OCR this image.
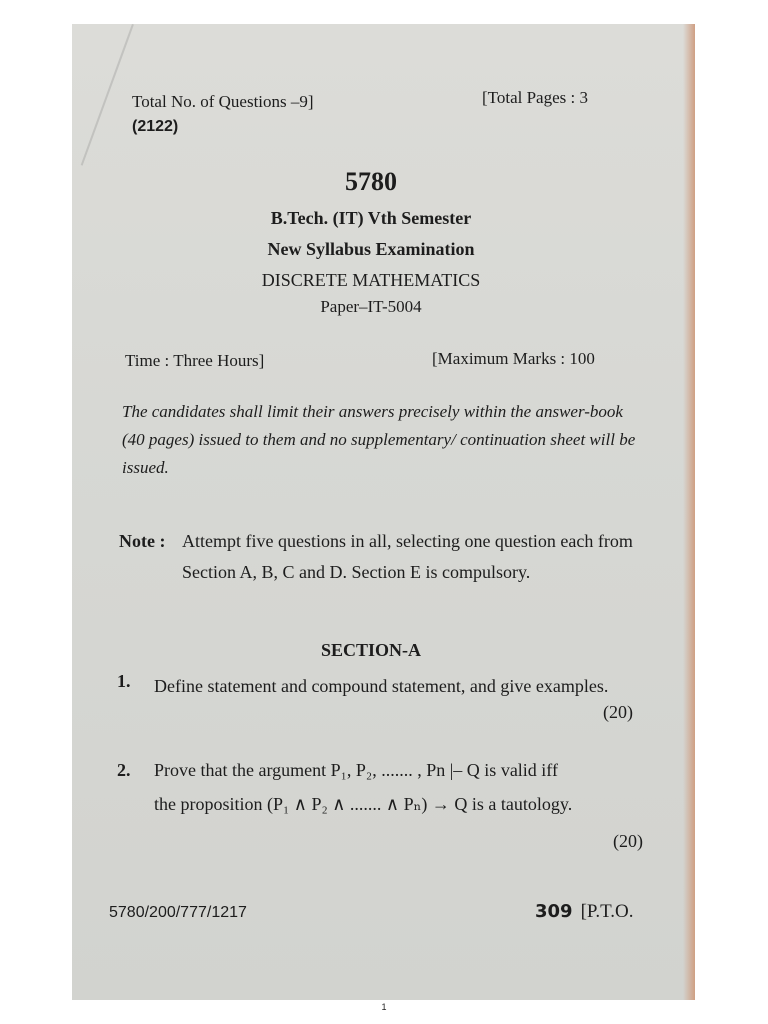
Total No. of Questions –9]
(2122)
[Total Pages : 3
5780
B.Tech. (IT) Vth Semester
New Syllabus Examination
DISCRETE MATHEMATICS
Paper–IT-5004
Time : Three Hours]	[Maximum Marks : 100
The candidates shall limit their answers precisely within the answer-book (40 pages) issued to them and no supplementary/ continuation sheet will be issued.
Note : Attempt five questions in all, selecting one question each from Section A, B, C and D. Section E is compulsory.
SECTION-A
1. Define statement and compound statement, and give examples.
(20)
2. Prove that the argument P₁, P₂, ....... , Pn |– Q is valid iff
the proposition (P₁ ∧ P₂ ∧ ....... ∧ Pₙ) → Q is a tautology.
(20)
5780/200/777/1217	309 [P.T.O.
1
